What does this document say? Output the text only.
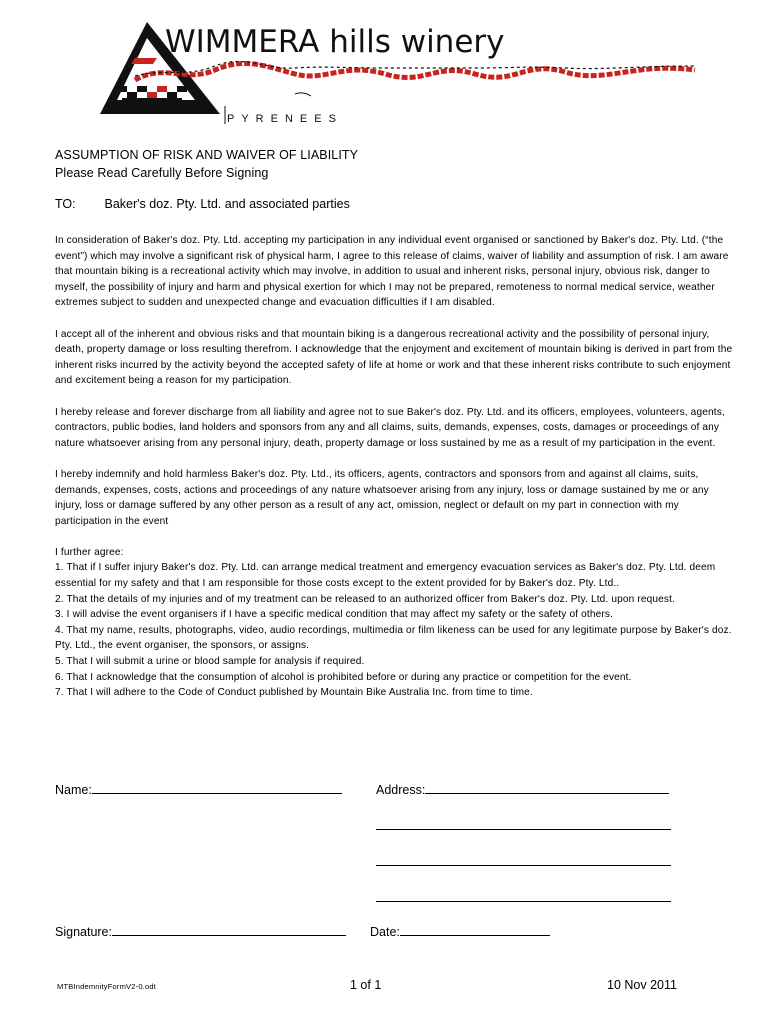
WIMMERA hills winery
PYRENEES
ASSUMPTION OF RISK AND WAIVER OF LIABILITY
Please Read Carefully Before Signing
TO: Baker's doz. Pty. Ltd. and associated parties

In consideration of Baker's doz. Pty. Ltd. accepting my participation in any individual event organised or sanctioned by Baker's doz. Pty. Ltd. (“the event”) which may involve a significant risk of physical harm, I agree to this release of claims, waiver of liability and assumption of risk. I am aware that mountain biking is a recreational activity which may involve, in addition to usual and inherent risks, personal injury, obvious risk, danger to myself, the possibility of injury and harm and physical exertion for which I may not be prepared, remoteness to normal medical service, weather extremes subject to sudden and unexpected change and evacuation difficulties if I am disabled.

I accept all of the inherent and obvious risks and that mountain biking is a dangerous recreational activity and the possibility of personal injury, death, property damage or loss resulting therefrom. I acknowledge that the enjoyment and excitement of mountain biking is derived in part from the inherent risks incurred by the activity beyond the accepted safety of life at home or work and that these inherent risks contribute to such enjoyment and excitement being a reason for my participation.

I hereby release and forever discharge from all liability and agree not to sue Baker's doz. Pty. Ltd. and its officers, employees, volunteers, agents, contractors, public bodies, land holders and sponsors from any and all claims, suits, demands, expenses, costs, damages or proceedings of any nature whatsoever arising from any personal injury, death, property damage or loss sustained by me as a result of my participation in the event.

I hereby indemnify and hold harmless Baker's doz. Pty. Ltd., its officers, agents, contractors and sponsors from and against all claims, suits, demands, expenses, costs, actions and proceedings of any nature whatsoever arising from any injury, loss or damage sustained by me or any injury, loss or damage suffered by any other person as a result of any act, omission, neglect or default on my part in connection with my participation in the event

I further agree:
1. That if I suffer injury Baker's doz. Pty. Ltd. can arrange medical treatment and emergency evacuation services as Baker's doz. Pty. Ltd. deem essential for my safety and that I am responsible for those costs except to the extent provided for by Baker's doz. Pty. Ltd..
2. That the details of my injuries and of my treatment can be released to an authorized officer from Baker's doz. Pty. Ltd. upon request.
3. I will advise the event organisers if I have a specific medical condition that may affect my safety or the safety of others.
4. That my name, results, photographs, video, audio recordings, multimedia or film likeness can be used for any legitimate purpose by Baker's doz. Pty. Ltd., the event organiser, the sponsors, or assigns.
5. That I will submit a urine or blood sample for analysis if required.
6. That I acknowledge that the consumption of alcohol is prohibited before or during any practice or competition for the event.
7. That I will adhere to the Code of Conduct published by Mountain Bike Australia Inc. from time to time.
Name:	Address:
Signature:	Date:
MTBIndemnityFormV2-0.odt	1 of 1	10 Nov 2011
